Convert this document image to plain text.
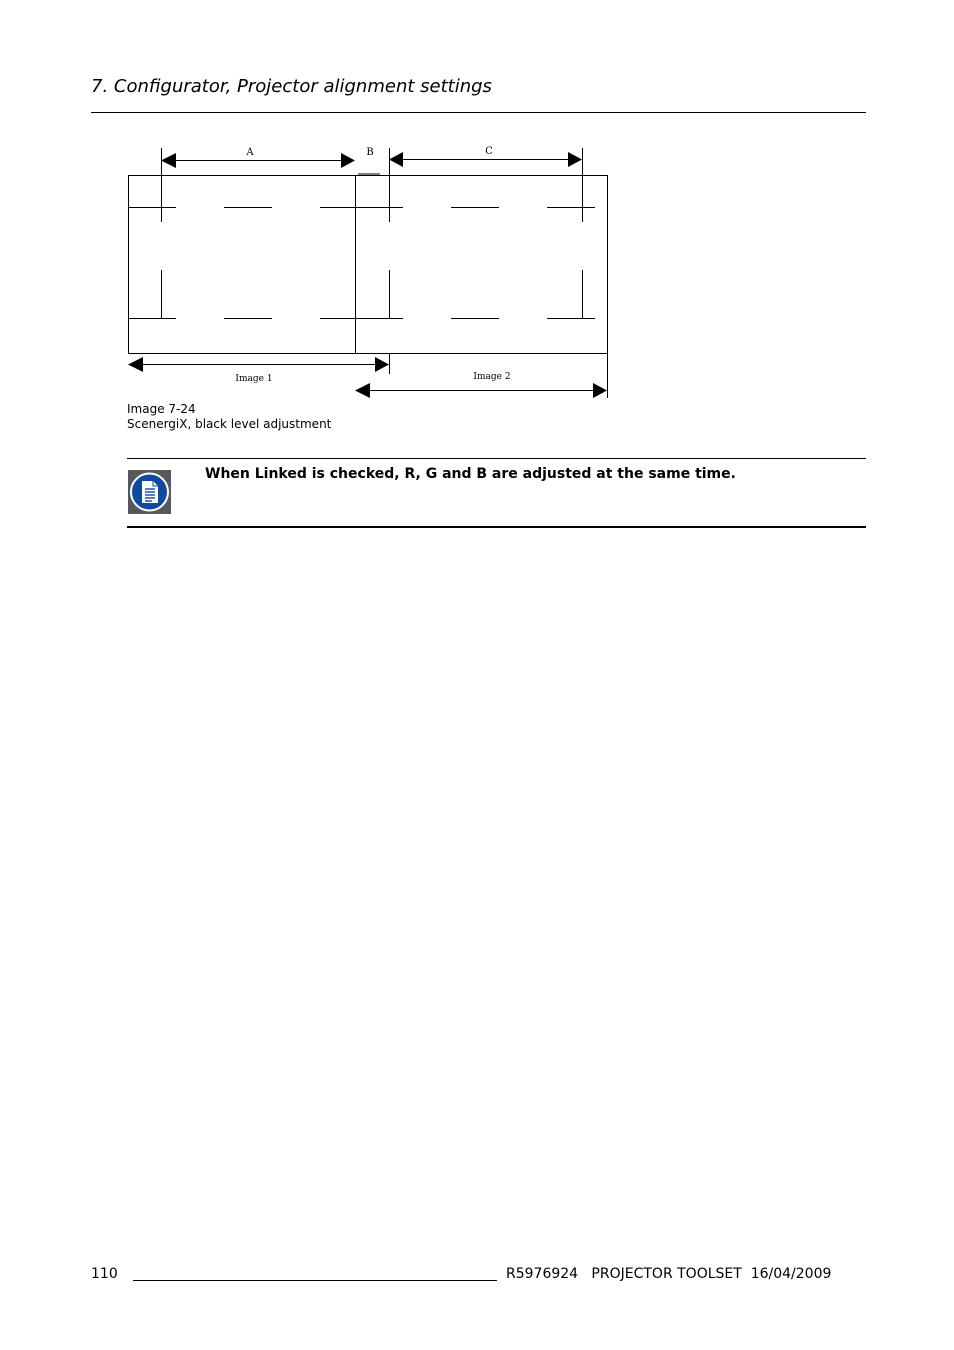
7. Configurator, Projector alignment settings
A	B	C
Image 1	Image 2
Image 7-24
ScenergiX, black level adjustment
When Linked is checked, R, G and B are adjusted at the same time.
110	R5976924   PROJECTOR TOOLSET  16/04/2009
